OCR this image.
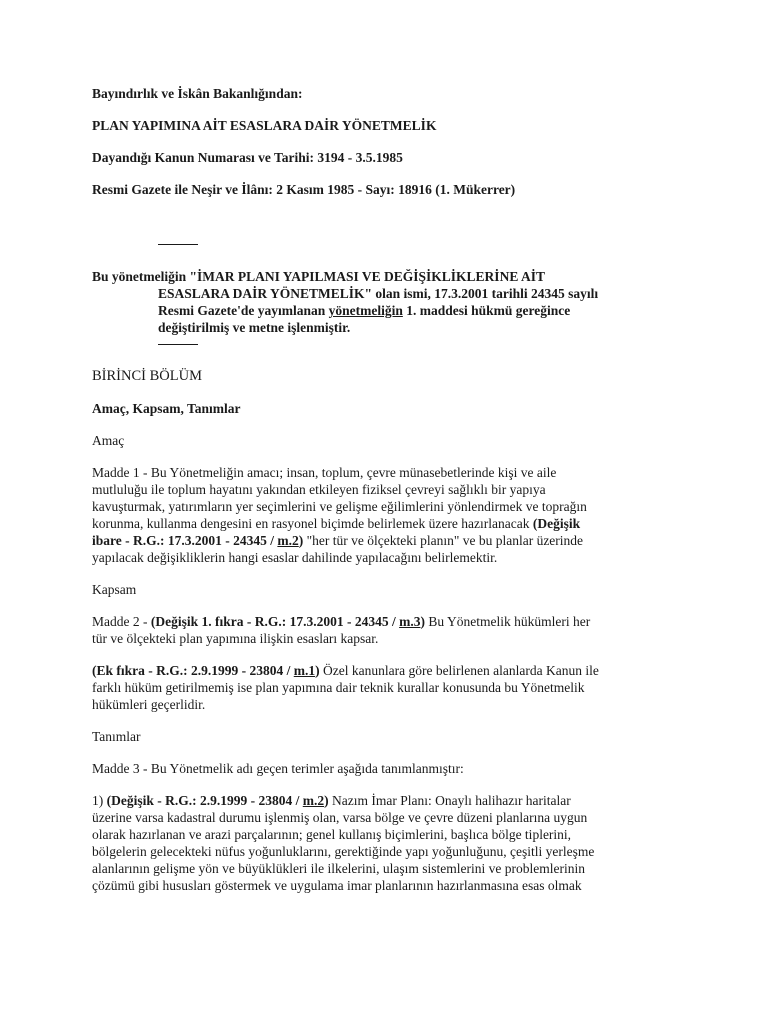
Bayındırlık ve İskân Bakanlığından:

PLAN YAPIMINA AİT ESASLARA DAİR YÖNETMELİK

Dayandığı Kanun Numarası ve Tarihi: 3194 - 3.5.1985

Resmi Gazete ile Neşir ve İlânı: 2 Kasım 1985 - Sayı: 18916 (1. Mükerrer)

Bu yönetmeliğin "İMAR PLANI YAPILMASI VE DEĞİŞİKLİKLERİNE AİT

ESASLARA DAİR YÖNETMELİK" olan ismi, 17.3.2001 tarihli 24345 sayılı

Resmi Gazete'de yayımlanan yönetmeliğin 1. maddesi hükmü gereğince

değiştirilmiş ve metne işlenmiştir.

BİRİNCİ BÖLÜM

Amaç, Kapsam, Tanımlar

Amaç

Madde 1 - Bu Yönetmeliğin amacı; insan, toplum, çevre münasebetlerinde kişi ve aile

mutluluğu ile toplum hayatını yakından etkileyen fiziksel çevreyi sağlıklı bir yapıya

kavuşturmak, yatırımların yer seçimlerini ve gelişme eğilimlerini yönlendirmek ve toprağın

korunma, kullanma dengesini en rasyonel biçimde belirlemek üzere hazırlanacak (Değişik

ibare - R.G.: 17.3.2001 - 24345 / m.2) "her tür ve ölçekteki planın" ve bu planlar üzerinde

yapılacak değişikliklerin hangi esaslar dahilinde yapılacağını belirlemektir.

Kapsam

Madde 2 - (Değişik 1. fıkra - R.G.: 17.3.2001 - 24345 / m.3) Bu Yönetmelik hükümleri her

tür ve ölçekteki plan yapımına ilişkin esasları kapsar.

(Ek fıkra - R.G.: 2.9.1999 - 23804 / m.1) Özel kanunlara göre belirlenen alanlarda Kanun ile

farklı hüküm getirilmemiş ise plan yapımına dair teknik kurallar konusunda bu Yönetmelik

hükümleri geçerlidir.

Tanımlar

Madde 3 - Bu Yönetmelik adı geçen terimler aşağıda tanımlanmıştır:

1) (Değişik - R.G.: 2.9.1999 - 23804 / m.2) Nazım İmar Planı: Onaylı halihazır haritalar

üzerine varsa kadastral durumu işlenmiş olan, varsa bölge ve çevre düzeni planlarına uygun

olarak hazırlanan ve arazi parçalarının; genel kullanış biçimlerini, başlıca bölge tiplerini,

bölgelerin gelecekteki nüfus yoğunluklarını, gerektiğinde yapı yoğunluğunu, çeşitli yerleşme

alanlarının gelişme yön ve büyüklükleri ile ilkelerini, ulaşım sistemlerini ve problemlerinin

çözümü gibi hususları göstermek ve uygulama imar planlarının hazırlanmasına esas olmak
